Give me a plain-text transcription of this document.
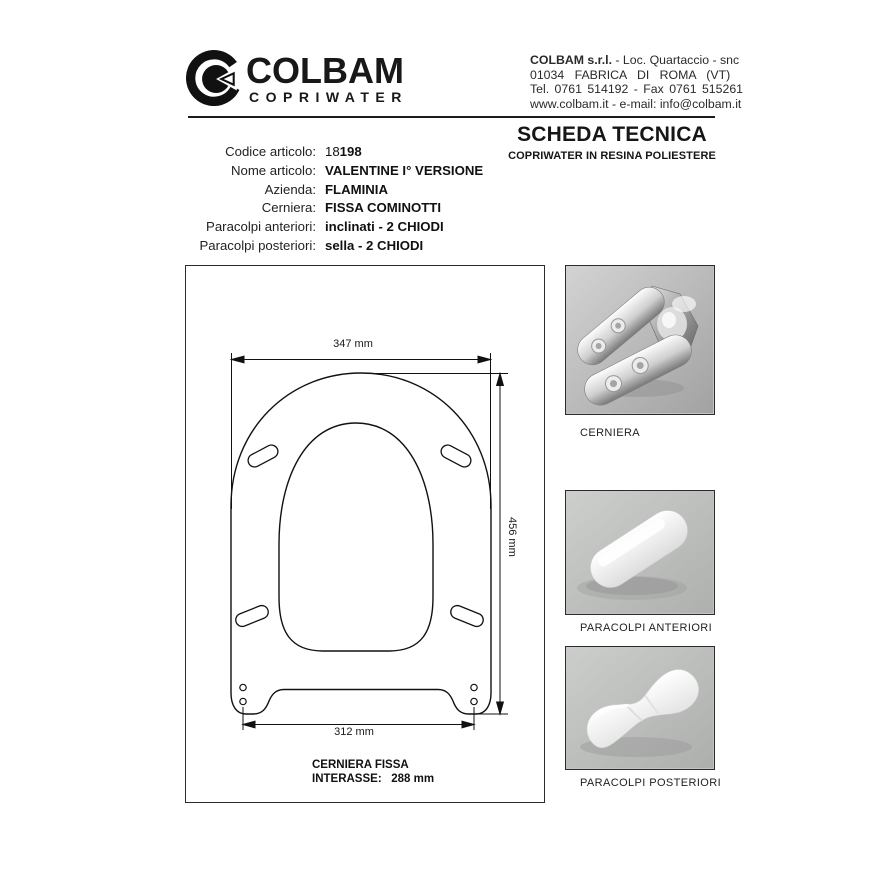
COLBAM
COPRIWATER
COLBAM s.r.l. - Loc. Quartaccio - snc
01034 FABRICA DI ROMA (VT)
Tel. 0761 514192 - Fax 0761 515261
www.colbam.it - e-mail: info@colbam.it
SCHEDA TECNICA
COPRIWATER IN RESINA POLIESTERE
Codice articolo: 18198
Nome articolo: VALENTINE I° VERSIONE
Azienda: FLAMINIA
Cerniera: FISSA COMINOTTI
Paracolpi anteriori: inclinati - 2 CHIODI
Paracolpi posteriori: sella - 2 CHIODI
347 mm
456 mm
312 mm
CERNIERA FISSA
INTERASSE:   288 mm
CERNIERA
PARACOLPI ANTERIORI
PARACOLPI POSTERIORI
